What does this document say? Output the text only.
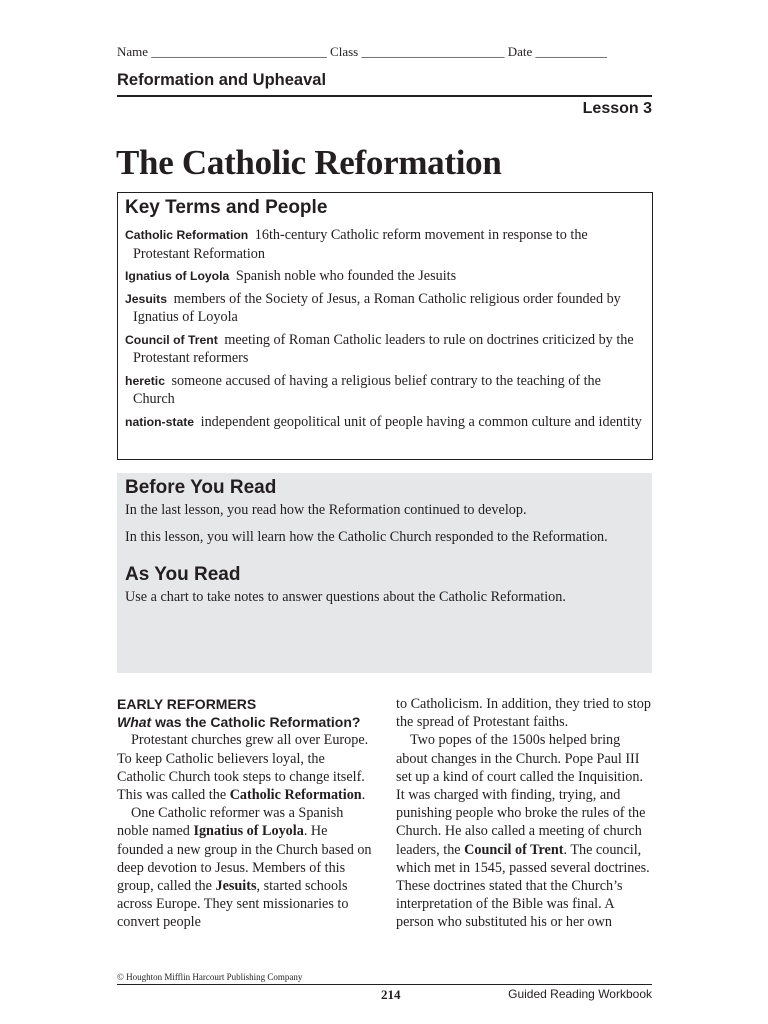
Name ___________________________ Class ______________________ Date ___________
Reformation and Upheaval
Lesson 3
The Catholic Reformation
Key Terms and People
Catholic Reformation 16th-century Catholic reform movement in response to the Protestant Reformation
Ignatius of Loyola Spanish noble who founded the Jesuits
Jesuits members of the Society of Jesus, a Roman Catholic religious order founded by Ignatius of Loyola
Council of Trent meeting of Roman Catholic leaders to rule on doctrines criticized by the Protestant reformers
heretic someone accused of having a religious belief contrary to the teaching of the Church
nation-state independent geopolitical unit of people having a common culture and identity
Before You Read

In the last lesson, you read how the Reformation continued to develop.

In this lesson, you will learn how the Catholic Church responded to the Reformation.

As You Read

Use a chart to take notes to answer questions about the Catholic Reformation.

EARLY REFORMERS
What was the Catholic Reformation?

Protestant churches grew all over Europe. To keep Catholic believers loyal, the Catholic Church took steps to change itself. This was called the Catholic Reformation.

One Catholic reformer was a Spanish noble named Ignatius of Loyola. He founded a new group in the Church based on deep devotion to Jesus. Members of this group, called the Jesuits, started schools across Europe. They sent missionaries to convert people

to Catholicism. In addition, they tried to stop the spread of Protestant faiths.

Two popes of the 1500s helped bring about changes in the Church. Pope Paul III set up a kind of court called the Inquisition. It was charged with finding, trying, and punishing people who broke the rules of the Church. He also called a meeting of church leaders, the Council of Trent. The council, which met in 1545, passed several doctrines. These doctrines stated that the Church’s interpretation of the Bible was final. A person who substituted his or her own

© Houghton Mifflin Harcourt Publishing Company
214	Guided Reading Workbook
